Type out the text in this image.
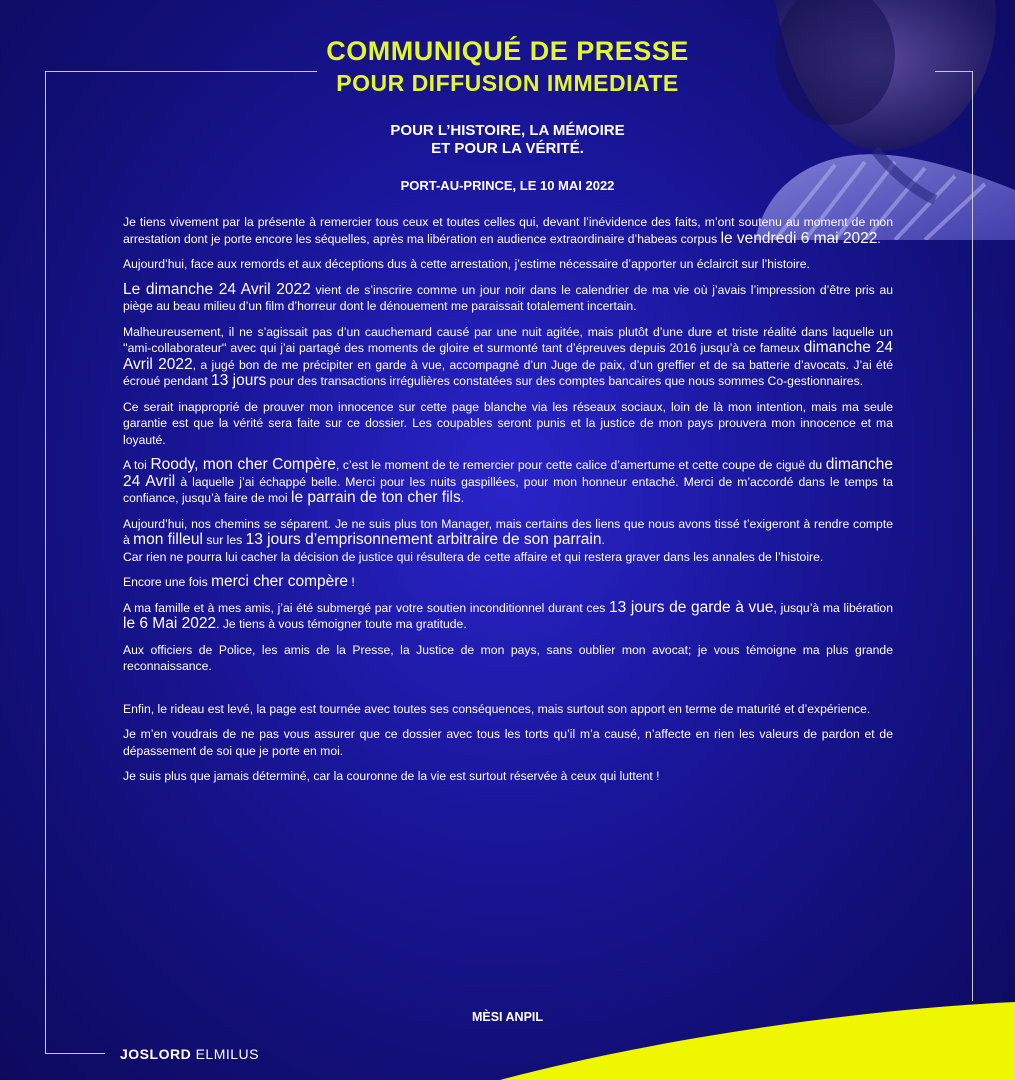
COMMUNIQUÉ DE PRESSE
POUR DIFFUSION IMMEDIATE
POUR L’HISTOIRE, LA MÉMOIRE
ET POUR LA VÉRITÉ.
PORT-AU-PRINCE, LE 10 MAI 2022

Je tiens vivement par la présente à remercier tous ceux et toutes celles qui, devant l’inévidence des faits, m’ont soutenu au moment de mon arrestation dont je porte encore les séquelles, après ma libération en audience extraordinaire d’habeas corpus le vendredi 6 mai 2022.

Aujourd’hui, face aux remords et aux déceptions dus à cette arrestation, j’estime nécessaire d’apporter un éclaircit sur l’histoire.

Le dimanche 24 Avril 2022 vient de s’inscrire comme un jour noir dans le calendrier de ma vie où j’avais l’impression d’être pris au piège au beau milieu d’un film d’horreur dont le dénouement me paraissait totalement incertain.

Malheureusement, il ne s’agissait pas d’un cauchemard causé par une nuit agitée, mais plutôt d’une dure et triste réalité dans laquelle un ''ami-collaborateur'' avec qui j’ai partagé des moments de gloire et surmonté tant d’épreuves depuis 2016 jusqu’à ce fameux dimanche 24 Avril 2022, a jugé bon de me précipiter en garde à vue, accompagné d’un Juge de paix, d’un greffier et de sa batterie d’avocats. J’ai été écroué pendant 13 jours pour des transactions irrégulières constatées sur des comptes bancaires que nous sommes Co-gestionnaires.

Ce serait inapproprié de prouver mon innocence sur cette page blanche via les réseaux sociaux, loin de là mon intention, mais ma seule garantie est que la vérité sera faite sur ce dossier. Les coupables seront punis et la justice de mon pays prouvera mon innocence et ma loyauté.

A toi Roody, mon cher Compère, c’est le moment de te remercier pour cette calice d’amertume et cette coupe de ciguë du dimanche 24 Avril à laquelle j’ai échappé belle. Merci pour les nuits gaspillées, pour mon honneur entaché. Merci de m’accordé dans le temps ta confiance, jusqu’à faire de moi le parrain de ton cher fils.

Aujourd’hui, nos chemins se séparent. Je ne suis plus ton Manager, mais certains des liens que nous avons tissé t’exigeront à rendre compte à mon filleul sur les 13 jours d’emprisonnement arbitraire de son parrain.
Car rien ne pourra lui cacher la décision de justice qui résultera de cette affaire et qui restera graver dans les annales de l’histoire.

Encore une fois merci cher compère !

A ma famille et à mes amis, j’ai été submergé par votre soutien inconditionnel durant ces 13 jours de garde à vue, jusqu’à ma libération le 6 Mai 2022. Je tiens à vous témoigner toute ma gratitude.

Aux officiers de Police, les amis de la Presse, la Justice de mon pays, sans oublier mon avocat; je vous témoigne ma plus grande reconnaissance.

Enfin, le rideau est levé, la page est tournée avec toutes ses conséquences, mais surtout son apport en terme de maturité et d’expérience.

Je m’en voudrais de ne pas vous assurer que ce dossier avec tous les torts qu’il m’a causé, n’affecte en rien les valeurs de pardon et de dépassement de soi que je porte en moi.

Je suis plus que jamais déterminé, car la couronne de la vie est surtout réservée à ceux qui luttent !

MÈSI ANPIL
JOSLORD ELMILUS
